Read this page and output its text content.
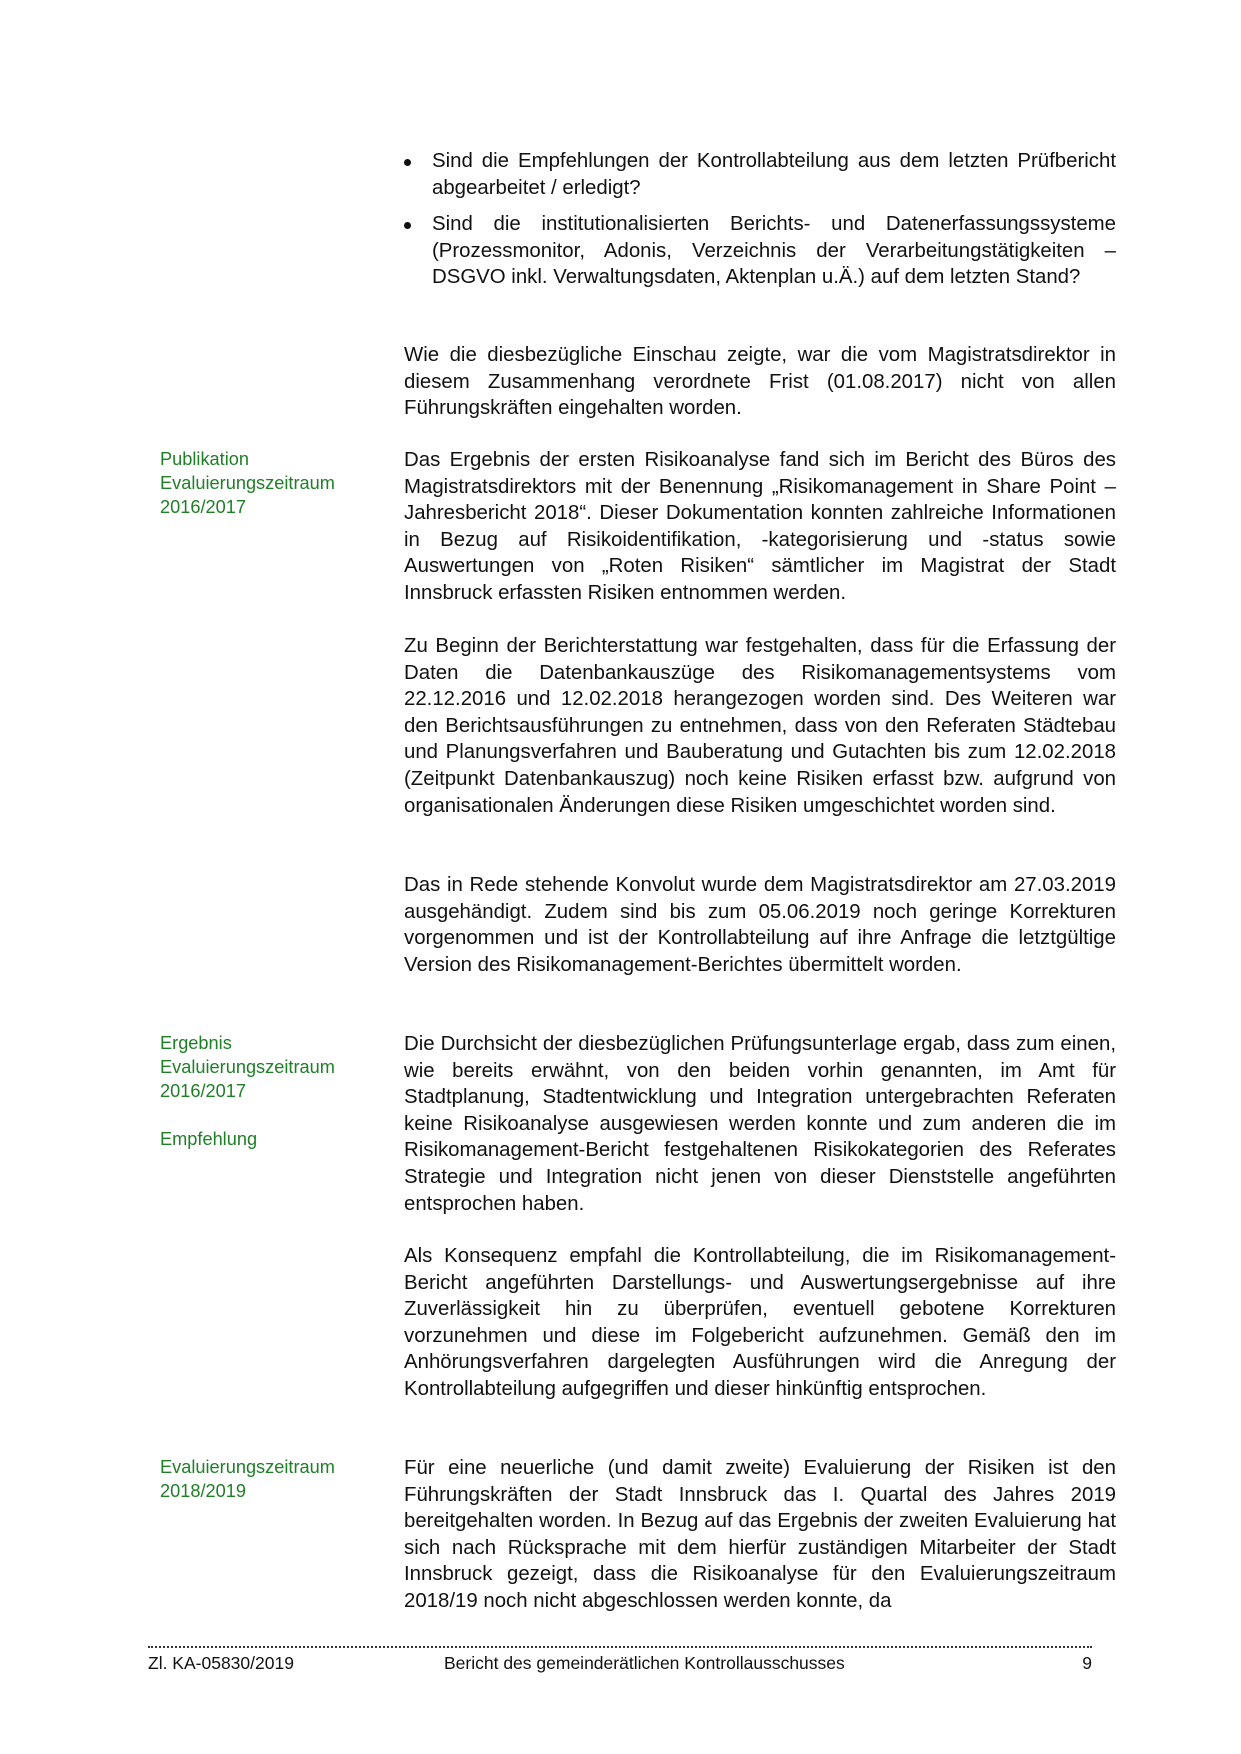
Sind die Empfehlungen der Kontrollabteilung aus dem letzten Prüfbericht abgearbeitet / erledigt?
Sind die institutionalisierten Berichts- und Datenerfassungssysteme (Prozessmonitor, Adonis, Verzeichnis der Verarbeitungstätigkeiten – DSGVO inkl. Verwaltungsdaten, Aktenplan u.Ä.) auf dem letzten Stand?

Wie die diesbezügliche Einschau zeigte, war die vom Magistratsdirektor in diesem Zusammenhang verordnete Frist (01.08.2017) nicht von allen Führungskräften eingehalten worden.

Publikation
Evaluierungszeitraum
2016/2017

Das Ergebnis der ersten Risikoanalyse fand sich im Bericht des Büros des Magistratsdirektors mit der Benennung „Risikomanagement in Share Point – Jahresbericht 2018“. Dieser Dokumentation konnten zahlreiche Informationen in Bezug auf Risikoidentifikation, -kategorisierung und -status sowie Auswertungen von „Roten Risiken“ sämtlicher im Magistrat der Stadt Innsbruck erfassten Risiken entnommen werden.

Zu Beginn der Berichterstattung war festgehalten, dass für die Erfassung der Daten die Datenbankauszüge des Risikomanagementsystems vom 22.12.2016 und 12.02.2018 herangezogen worden sind. Des Weiteren war den Berichtsausführungen zu entnehmen, dass von den Referaten Städtebau und Planungsverfahren und Bauberatung und Gutachten bis zum 12.02.2018 (Zeitpunkt Datenbankauszug) noch keine Risiken erfasst bzw. aufgrund von organisationalen Änderungen diese Risiken umgeschichtet worden sind.

Das in Rede stehende Konvolut wurde dem Magistratsdirektor am 27.03.2019 ausgehändigt. Zudem sind bis zum 05.06.2019 noch geringe Korrekturen vorgenommen und ist der Kontrollabteilung auf ihre Anfrage die letztgültige Version des Risikomanagement-Berichtes übermittelt worden.

Ergebnis
Evaluierungszeitraum
2016/2017
Empfehlung

Die Durchsicht der diesbezüglichen Prüfungsunterlage ergab, dass zum einen, wie bereits erwähnt, von den beiden vorhin genannten, im Amt für Stadtplanung, Stadtentwicklung und Integration untergebrachten Referaten keine Risikoanalyse ausgewiesen werden konnte und zum anderen die im Risikomanagement-Bericht festgehaltenen Risikokategorien des Referates Strategie und Integration nicht jenen von dieser Dienststelle angeführten entsprochen haben.

Als Konsequenz empfahl die Kontrollabteilung, die im Risikomanagement-Bericht angeführten Darstellungs- und Auswertungsergebnisse auf ihre Zuverlässigkeit hin zu überprüfen, eventuell gebotene Korrekturen vorzunehmen und diese im Folgebericht aufzunehmen. Gemäß den im Anhörungsverfahren dargelegten Ausführungen wird die Anregung der Kontrollabteilung aufgegriffen und dieser hinkünftig entsprochen.

Evaluierungszeitraum
2018/2019

Für eine neuerliche (und damit zweite) Evaluierung der Risiken ist den Führungskräften der Stadt Innsbruck das I. Quartal des Jahres 2019 bereitgehalten worden. In Bezug auf das Ergebnis der zweiten Evaluierung hat sich nach Rücksprache mit dem hierfür zuständigen Mitarbeiter der Stadt Innsbruck gezeigt, dass die Risikoanalyse für den Evaluierungszeitraum 2018/19 noch nicht abgeschlossen werden konnte, da

Zl. KA-05830/2019	Bericht des gemeinderätlichen Kontrollausschusses	9
